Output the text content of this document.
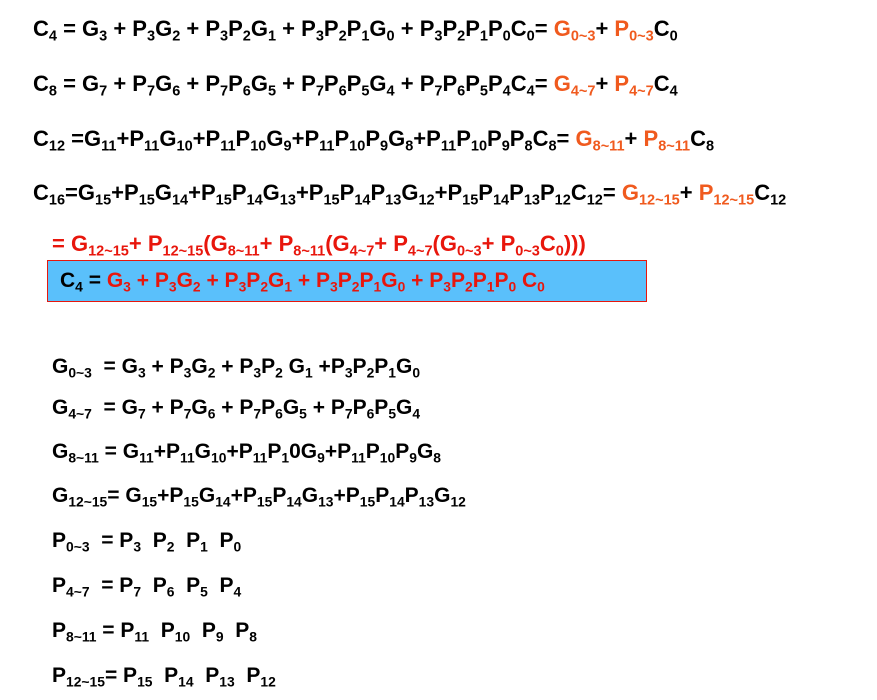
$C_4 = G_3 + P_3G_2 + P_3P_2G_1 + P_3P_2P_1G_0 + P_3P_2P_1P_0C_0= G_{0\sim 3}+ P_{0\sim 3}C_0$
$C_8 = G_7 + P_7G_6 + P_7P_6G_5 + P_7P_6P_5G_4 + P_7P_6P_5P_4C_4= G_{4\sim 7}+ P_{4\sim 7}C_4$
$C_{12} =G_{11}+P_{11}G_{10}+P_{11}P_{10}G_9+P_{11}P_{10}P_9G_8+P_{11}P_{10}P_9P_8C_8= G_{8\sim 11}+ P_{8\sim 11}C_8$
$C_{16}=G_{15}+P_{15}G_{14}+P_{15}P_{14}G_{13}+P_{15}P_{14}P_{13}G_{12}+P_{15}P_{14}P_{13}P_{12}C_{12}= G_{12\sim 15}+ P_{12\sim 15}C_{12}$
= $G_{12\sim 15}+ P_{12\sim 15}(G_{8\sim 11}+ P_{8\sim 11}(G_{4\sim 7}+ P_{4\sim 7}(G_{0\sim 3}+ P_{0\sim 3}C_0)))$
$C_4 = G_3 + P_3G_2 + P_3P_2G_1 + P_3P_2P_1G_0 + P_3P_2P_1P_0$ $C_0$
$G_{0\sim 3} = G_3 + P_3G_2 + P_3P_2$ $G_1 +P_3P_2P_1G_0$
$G_{4\sim 7} = G_7 + P_7G_6 + P_7P_6G_5 + P_7P_6P_5G_4$
$G_{8\sim 11} = G_{11}+P_{11}G_{10}+P_{11}P_10G_9+P_{11}P_{10}P_9G_8$
$G_{12\sim 15}= G_{15}+P_{15}G_{14}+P_{15}P_{14}G_{13}+P_{15}P_{14}P_{13}G_{12}$
$P_{0\sim 3} = P_3$  $P_2$  $P_1$  $P_0$
$P_{4\sim 7} = P_7$  $P_6$  $P_5$  $P_4$
$P_{8\sim 11} = P_{11}$  $P_{10}$  $P_9$  $P_8$
$P_{12\sim 15}= P_{15}$  $P_{14}$  $P_{13}$  $P_{12}$
